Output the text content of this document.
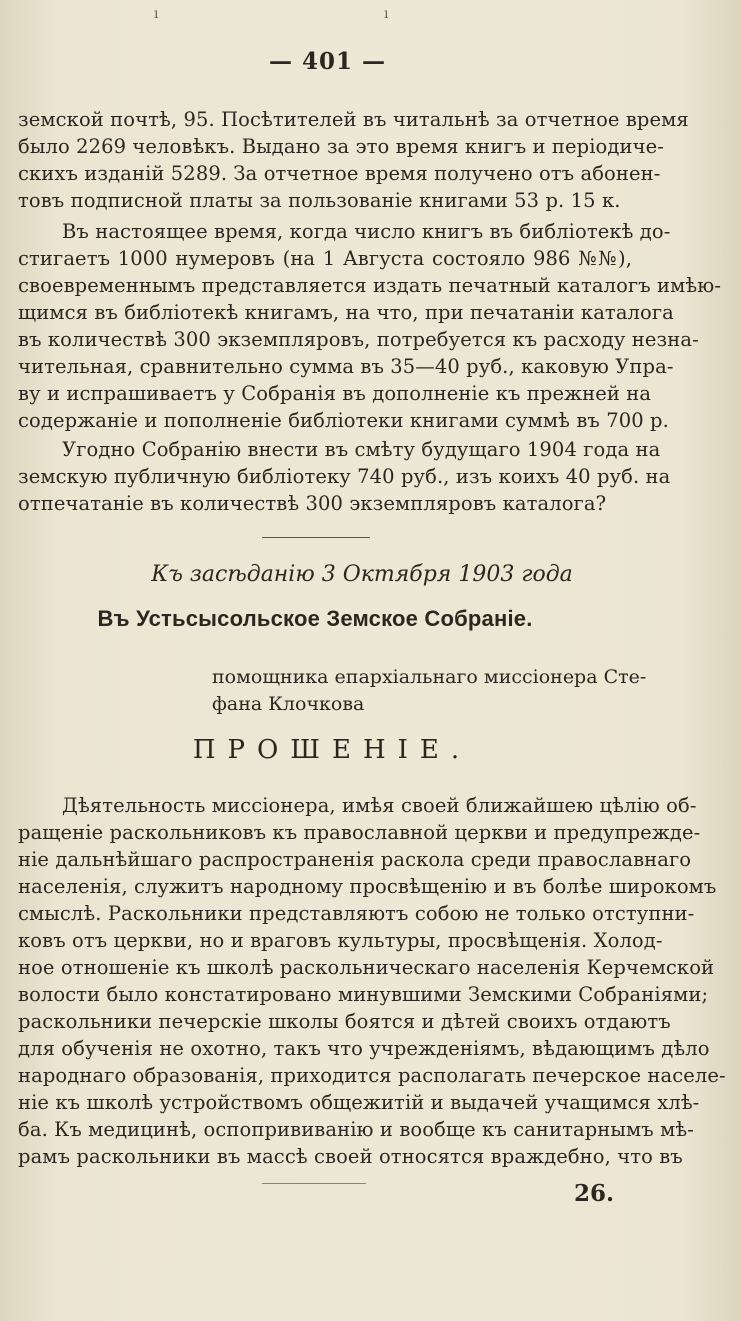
ı	ı
— 401 —
земской почтѣ, 95. Посѣтителей въ читальнѣ за отчетное время
было 2269 человѣкъ. Выдано за это время книгъ и періодиче-
скихъ изданій 5289. За отчетное время получено отъ абонен-
товъ подписной платы за пользованіе книгами 53 р. 15 к.
Въ настоящее время, когда число книгъ въ библіотекѣ до-
стигаетъ 1000 нумеровъ (на 1 Августа состояло 986 №№),
своевременнымъ представляется издать печатный каталогъ имѣю-
щимся въ библіотекѣ книгамъ, на что, при печатаніи каталога
въ количествѣ 300 экземпляровъ, потребуется къ расходу незна-
чительная, сравнительно сумма въ 35—40 руб., каковую Упра-
ву и испрашиваетъ у Собранія въ дополненіе къ прежней на
содержаніе и пополненіе библіотеки книгами суммѣ въ 700 р.
Угодно Собранію внести въ смѣту будущаго 1904 года на
земскую публичную библіотеку 740 руб., изъ коихъ 40 руб. на
отпечатаніе въ количествѣ 300 экземпляровъ каталога?
Къ засѣданію 3 Октября 1903 года
Въ Устьсысольское Земское Собраніе.
помощника епархіальнаго миссіонера Сте-
фана Клочкова
ПРОШЕНІЕ.
Дѣятельность миссіонера, имѣя своей ближайшею цѣлію об-
ращеніе раскольниковъ къ православной церкви и предупрежде-
ніе дальнѣйшаго распространенія раскола среди православнаго
населенія, служитъ народному просвѣщенію и въ болѣе широкомъ
смыслѣ. Раскольники представляютъ собою не только отступни-
ковъ отъ церкви, но и враговъ культуры, просвѣщенія. Холод-
ное отношеніе къ школѣ раскольническаго населенія Керчемской
волости было констатировано минувшими Земскими Собраніями;
раскольники печерскіе школы боятся и дѣтей своихъ отдаютъ
для обученія не охотно, такъ что учрежденіямъ, вѣдающимъ дѣло
народнаго образованія, приходится располагать печерское населе-
ніе къ школѣ устройствомъ общежитій и выдачей учащимся хлѣ-
ба. Къ медицинѣ, оспопрививанію и вообще къ санитарнымъ мѣ-
рамъ раскольники въ массѣ своей относятся враждебно, что въ
26.
